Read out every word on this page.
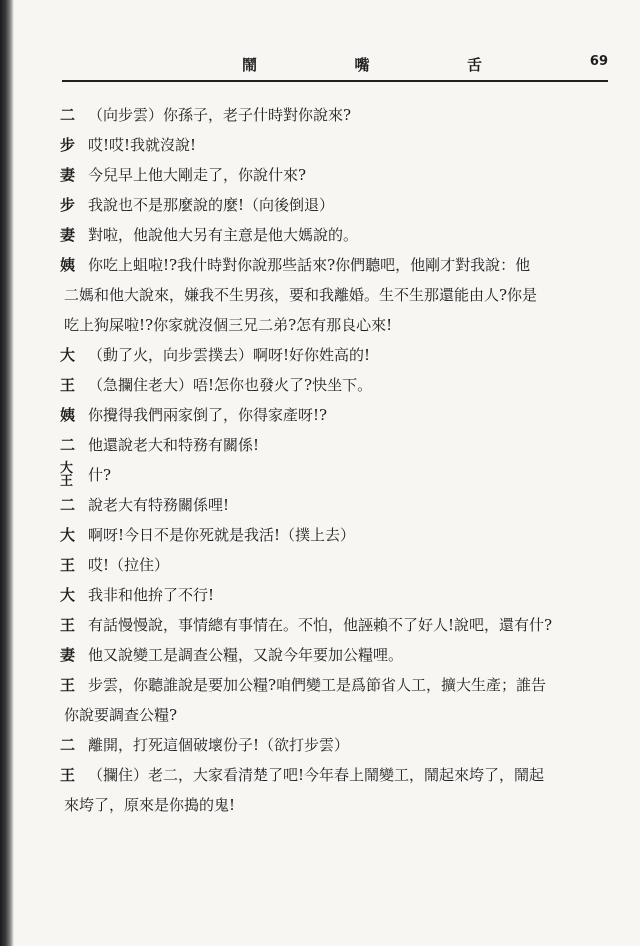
鬧	嘴	舌	69
二 （向步雲）你孫子，老子什時對你說來?
步 哎!哎!我就沒說!
妻 今兒早上他大剛走了，你說什來?
步 我說也不是那麼說的麼!（向後倒退）
妻 對啦，他說他大另有主意是他大媽說的。
姨 你吃上蛆啦!?我什時對你說那些話來?你們聽吧，他剛才對我說：他
二媽和他大說來，嫌我不生男孩，要和我離婚。生不生那還能由人?你是
吃上狗屎啦!?你家就沒個三兄二弟?怎有那良心來!
大 （動了火，向步雲撲去）啊呀!好你姓高的!
王 （急攔住老大）唔!怎你也發火了?快坐下。
姨 你攪得我們兩家倒了，你得家產呀!?
二 他還說老大和特務有關係!
大
王 什?
二 說老大有特務關係哩!
大 啊呀!今日不是你死就是我活!（撲上去）
王 哎!（拉住）
大 我非和他拚了不行!
王 有話慢慢說，事情總有事情在。不怕，他誣賴不了好人!說吧，還有什?
妻 他又說變工是調查公糧，又說今年要加公糧哩。
王 步雲，你聽誰說是要加公糧?咱們變工是爲節省人工，擴大生產；誰告
你說要調查公糧?
二 離開，打死這個破壞份子!（欲打步雲）
王 （攔住）老二，大家看清楚了吧!今年春上鬧變工，鬧起來垮了，鬧起
來垮了，原來是你搗的鬼!
